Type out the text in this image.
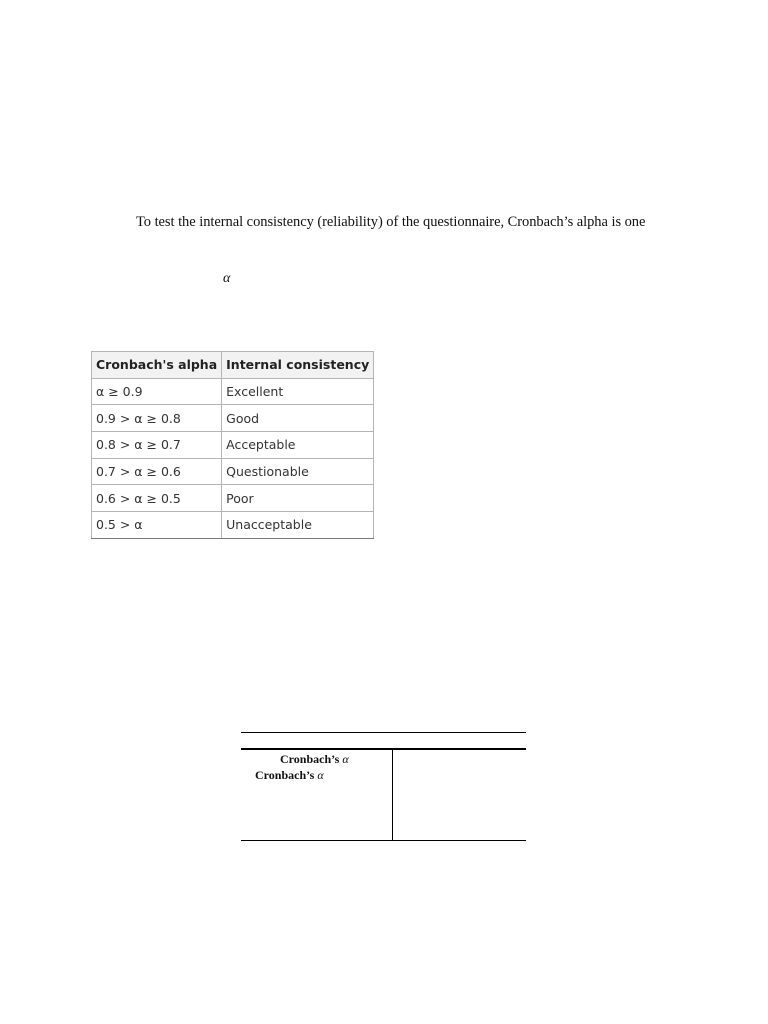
To test the internal consistency (reliability) of the questionnaire, Cronbach’s alpha is one

α
Cronbach's alpha	Internal consistency
α ≥ 0.9	Excellent
0.9 > α ≥ 0.8	Good
0.8 > α ≥ 0.7	Acceptable
0.7 > α ≥ 0.6	Questionable
0.6 > α ≥ 0.5	Poor
0.5 > α	Unacceptable
Cronbach’s α
Cronbach’s α
